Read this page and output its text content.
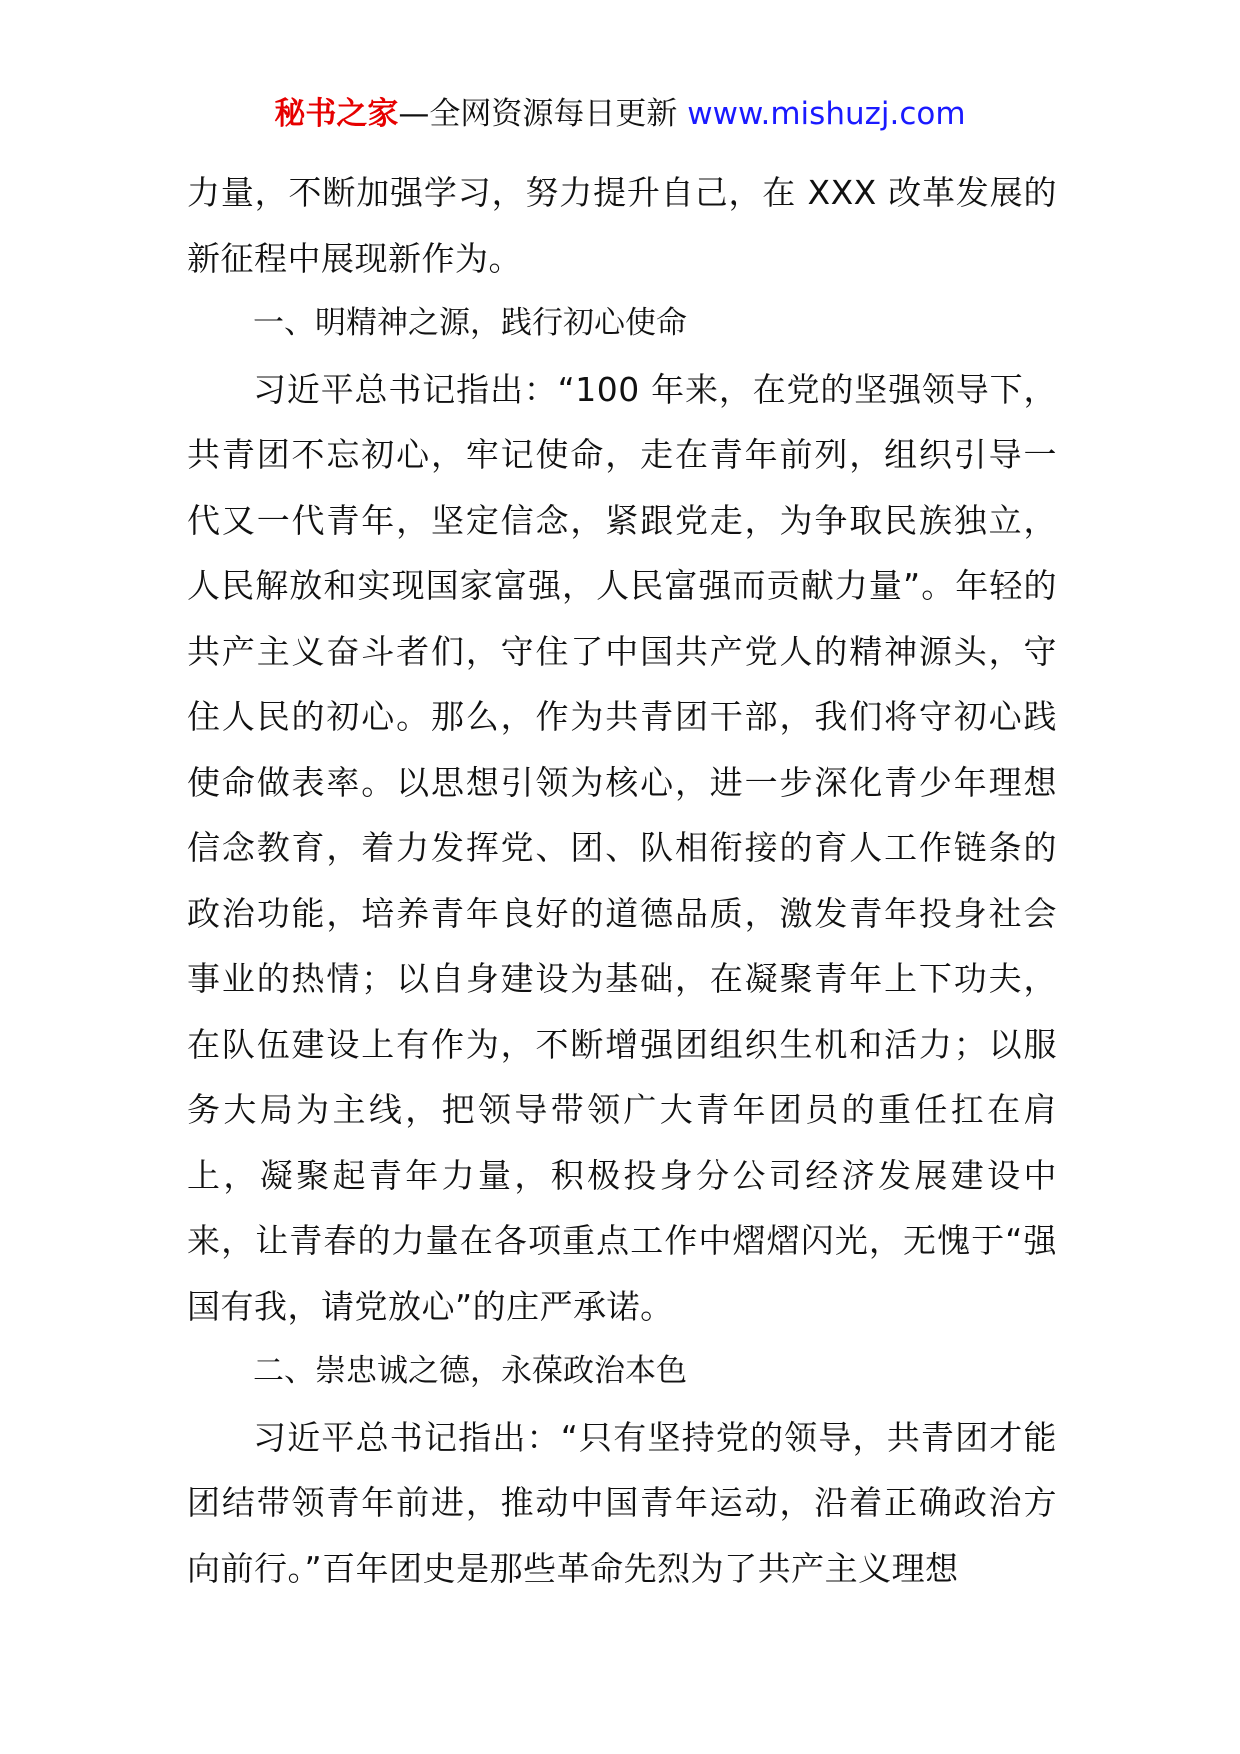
秘书之家—全网资源每日更新 www.mishuzj.com

力量，不断加强学习，努力提升自己，在 XXX 改革发展的新征程中展现新作为。

一、明精神之源，践行初心使命

习近平总书记指出：“100 年来，在党的坚强领导下，共青团不忘初心，牢记使命，走在青年前列，组织引导一代又一代青年，坚定信念，紧跟党走，为争取民族独立，人民解放和实现国家富强，人民富强而贡献力量”。年轻的共产主义奋斗者们，守住了中国共产党人的精神源头，守住人民的初心。那么，作为共青团干部，我们将守初心践使命做表率。以思想引领为核心，进一步深化青少年理想信念教育，着力发挥党、团、队相衔接的育人工作链条的政治功能，培养青年良好的道德品质，激发青年投身社会事业的热情；以自身建设为基础，在凝聚青年上下功夫，在队伍建设上有作为，不断增强团组织生机和活力；以服务大局为主线，把领导带领广大青年团员的重任扛在肩上，凝聚起青年力量，积极投身分公司经济发展建设中来，让青春的力量在各项重点工作中熠熠闪光，无愧于“强国有我，请党放心”的庄严承诺。

二、崇忠诚之德，永葆政治本色

习近平总书记指出：“只有坚持党的领导，共青团才能团结带领青年前进，推动中国青年运动，沿着正确政治方向前行。”百年团史是那些革命先烈为了共产主义理想
